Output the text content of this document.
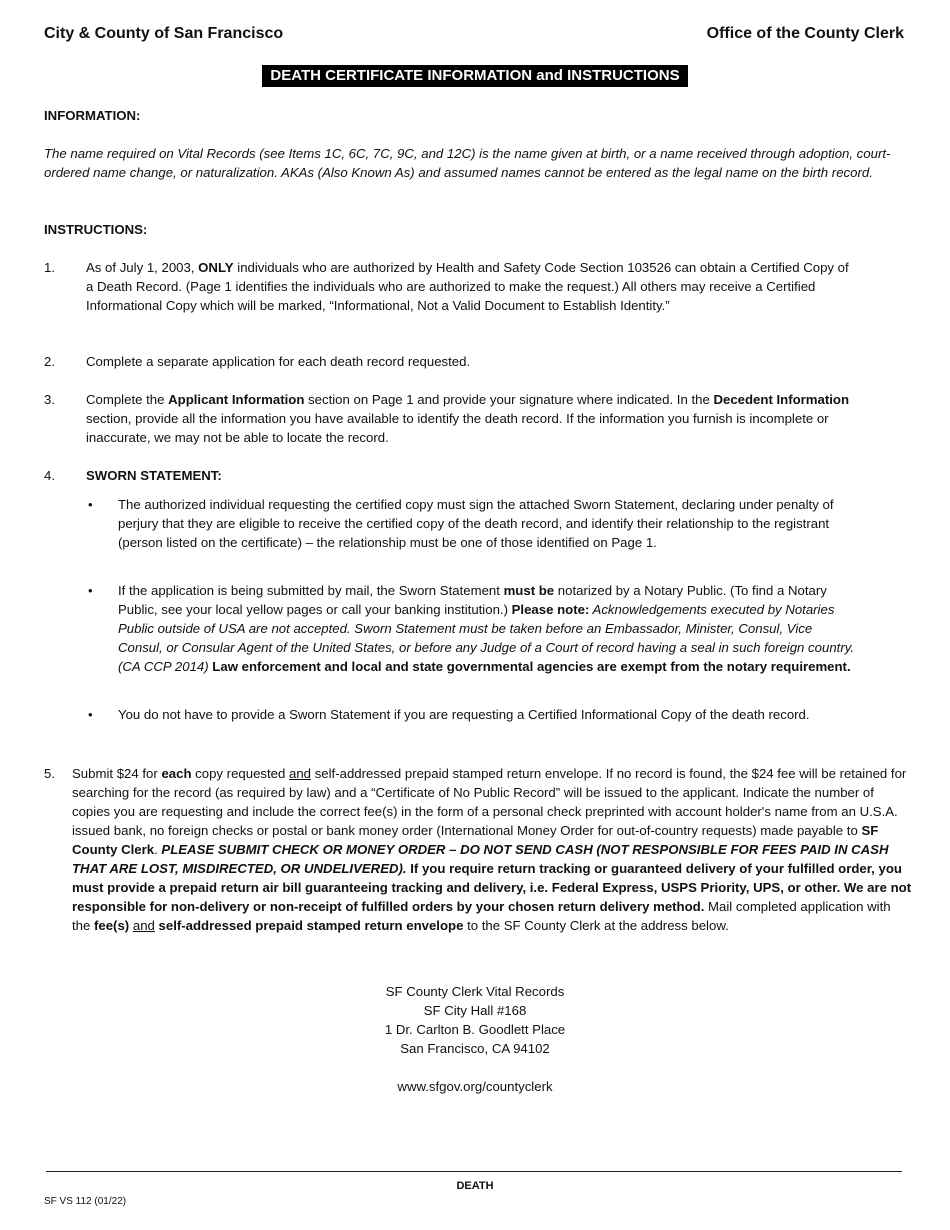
City & County of San Francisco	Office of the County Clerk
DEATH CERTIFICATE INFORMATION and INSTRUCTIONS
INFORMATION:
The name required on Vital Records (see Items 1C, 6C, 7C, 9C, and 12C) is the name given at birth, or a name received through adoption, court-ordered name change, or naturalization. AKAs (Also Known As) and assumed names cannot be entered as the legal name on the birth record.
INSTRUCTIONS:
1. As of July 1, 2003, ONLY individuals who are authorized by Health and Safety Code Section 103526 can obtain a Certified Copy of a Death Record. (Page 1 identifies the individuals who are authorized to make the request.) All others may receive a Certified Informational Copy which will be marked, “Informational, Not a Valid Document to Establish Identity.”
2. Complete a separate application for each death record requested.
3. Complete the Applicant Information section on Page 1 and provide your signature where indicated. In the Decedent Information section, provide all the information you have available to identify the death record. If the information you furnish is incomplete or inaccurate, we may not be able to locate the record.
4. SWORN STATEMENT:
• The authorized individual requesting the certified copy must sign the attached Sworn Statement, declaring under penalty of perjury that they are eligible to receive the certified copy of the death record, and identify their relationship to the registrant (person listed on the certificate) – the relationship must be one of those identified on Page 1.
• If the application is being submitted by mail, the Sworn Statement must be notarized by a Notary Public. (To find a Notary Public, see your local yellow pages or call your banking institution.) Please note: Acknowledgements executed by Notaries Public outside of USA are not accepted. Sworn Statement must be taken before an Embassador, Minister, Consul, Vice Consul, or Consular Agent of the United States, or before any Judge of a Court of record having a seal in such foreign country. (CA CCP 2014) Law enforcement and local and state governmental agencies are exempt from the notary requirement.
• You do not have to provide a Sworn Statement if you are requesting a Certified Informational Copy of the death record.
5. Submit $24 for each copy requested and self-addressed prepaid stamped return envelope. If no record is found, the $24 fee will be retained for searching for the record (as required by law) and a “Certificate of No Public Record” will be issued to the applicant. Indicate the number of copies you are requesting and include the correct fee(s) in the form of a personal check preprinted with account holder's name from an U.S.A. issued bank, no foreign checks or postal or bank money order (International Money Order for out-of-country requests) made payable to SF County Clerk. PLEASE SUBMIT CHECK OR MONEY ORDER – DO NOT SEND CASH (NOT RESPONSIBLE FOR FEES PAID IN CASH THAT ARE LOST, MISDIRECTED, OR UNDELIVERED). If you require return tracking or guaranteed delivery of your fulfilled order, you must provide a prepaid return air bill guaranteeing tracking and delivery, i.e. Federal Express, USPS Priority, UPS, or other. We are not responsible for non-delivery or non-receipt of fulfilled orders by your chosen return delivery method. Mail completed application with the fee(s) and self-addressed prepaid stamped return envelope to the SF County Clerk at the address below.
SF County Clerk Vital Records
SF City Hall #168
1 Dr. Carlton B. Goodlett Place
San Francisco, CA 94102
www.sfgov.org/countyclerk
DEATH
SF VS 112 (01/22)
